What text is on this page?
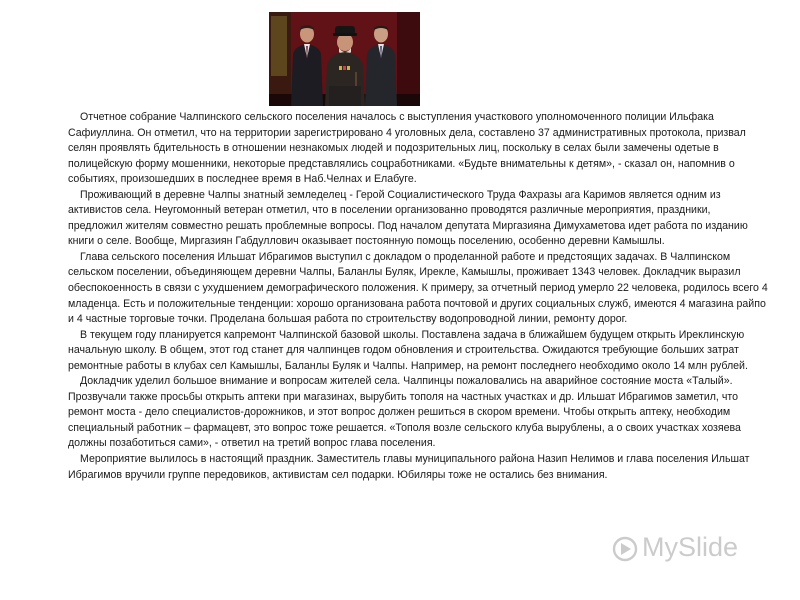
Отчетное собрание Чалпинского сельского поселения началось с выступления участкового уполномоченного полиции Ильфака Сафиуллина. Он отметил, что на территории зарегистрировано 4 уголовных дела, составлено 37 административных протокола, призвал селян проявлять бдительность в отношении незнакомых людей и подозрительных лиц, поскольку в селах были замечены одетые в полицейскую форму мошенники, некоторые представлялись соцработниками. «Будьте внимательны к детям», - сказал он, напомнив о событиях, произошедших в последнее время в Наб.Челнах и Елабуге.

Проживающий в деревне Чалпы знатный земледелец - Герой Социалистического Труда Фахразы ага Каримов является одним из активистов села. Неугомонный ветеран отметил, что в поселении организованно проводятся различные мероприятия, праздники, предложил жителям совместно решать проблемные вопросы. Под началом депутата Миргазияна Димухаметова идет работа по изданию книги о селе. Вообще, Миргазиян Габдуллович оказывает постоянную помощь поселению, особенно деревни Камышлы.

Глава сельского поселения Ильшат Ибрагимов выступил с докладом о проделанной работе и предстоящих задачах. В Чалпинском сельском поселении, объединяющем деревни Чалпы, Баланлы Буляк, Ирекле, Камышлы, проживает 1343 человек. Докладчик выразил обеспокоенность в связи с ухудшением демографического положения. К примеру, за отчетный период умерло 22 человека, родилось всего 4 младенца. Есть и положительные тенденции: хорошо организована работа почтовой и других социальных служб, имеются 4 магазина райпо и 4 частные торговые точки. Проделана большая работа по строительству водопроводной линии, ремонту дорог.

В текущем году планируется капремонт Чалпинской базовой школы. Поставлена задача в ближайшем будущем открыть Иреклинскую начальную школу. В общем, этот год станет для чалпинцев годом обновления и строительства. Ожидаются требующие больших затрат ремонтные работы в клубах сел Камышлы, Баланлы Буляк и Чалпы. Например, на ремонт последнего необходимо около 14 млн рублей.

Докладчик уделил большое внимание и вопросам жителей села. Чалпинцы пожаловались на аварийное состояние моста «Талый». Прозвучали также просьбы открыть аптеки при магазинах, вырубить тополя на частных участках и др. Ильшат Ибрагимов заметил, что ремонт моста - дело специалистов-дорожников, и этот вопрос должен решиться в скором времени. Чтобы открыть аптеку, необходим специальный работник – фармацевт, это вопрос тоже решается. «Тополя возле сельского клуба вырублены, а о своих участках хозяева должны позаботиться сами», - ответил на третий вопрос глава поселения.

Мероприятие вылилось в настоящий праздник. Заместитель главы муниципального района Назип Нелимов и глава поселения Ильшат Ибрагимов вручили группе передовиков, активистам сел подарки. Юбиляры тоже не остались без внимания.

MySlide
